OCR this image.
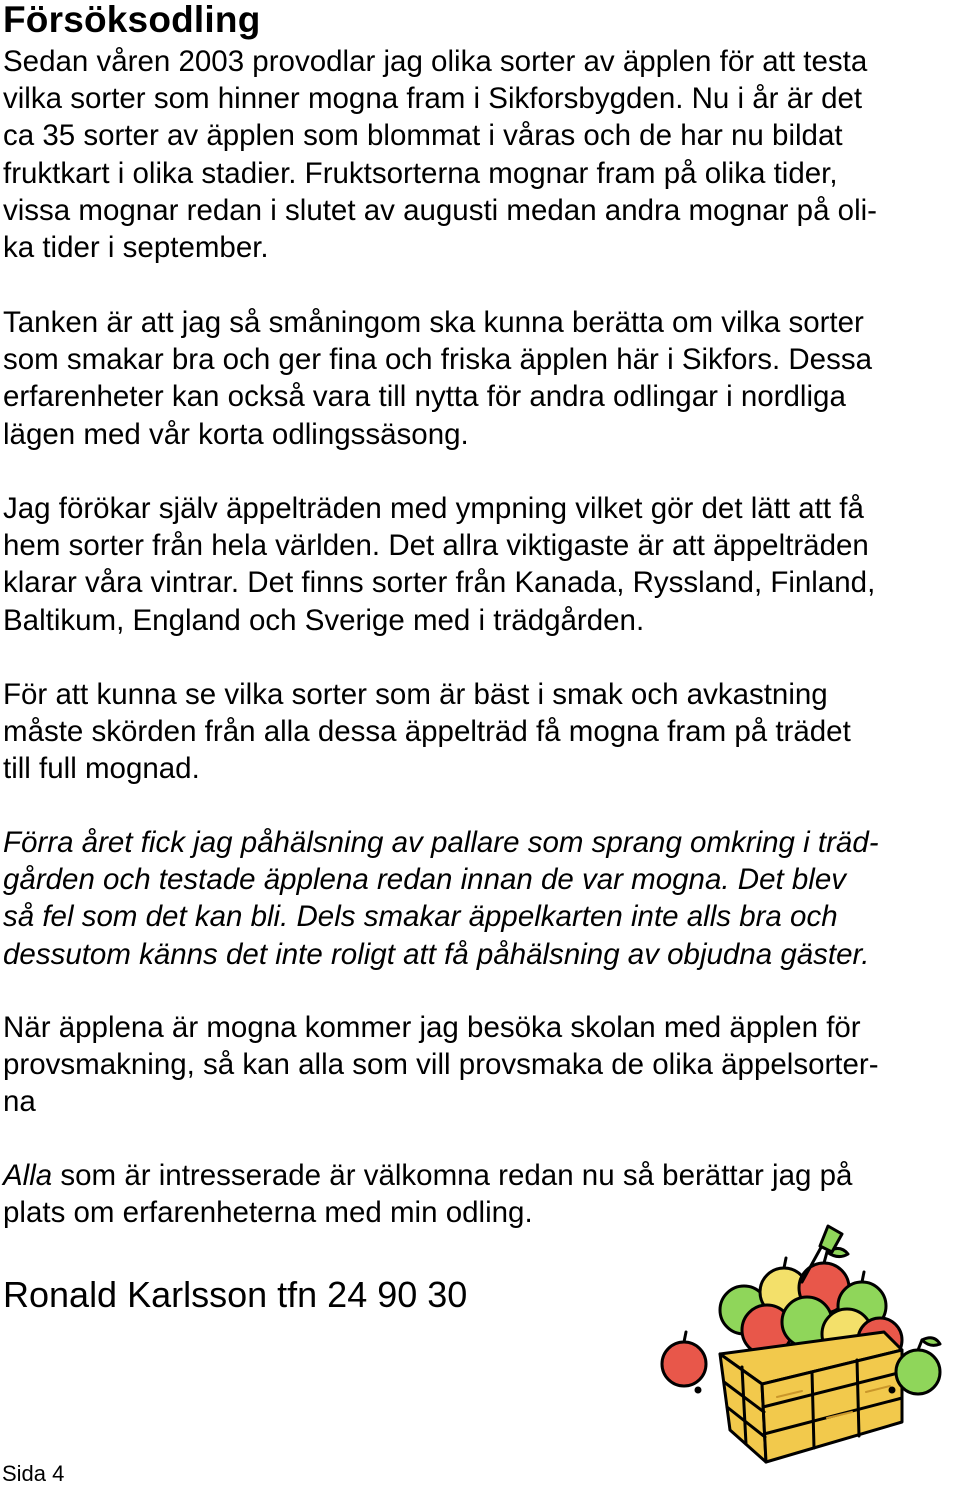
Försöksodling

Sedan våren 2003 provodlar jag olika sorter av äpplen för att testa
vilka sorter som hinner mogna fram i Sikforsbygden. Nu i år är det
ca 35 sorter av äpplen som blommat i våras och de har nu bildat
fruktkart i olika stadier. Fruktsorterna mognar fram på olika tider,
vissa mognar redan i slutet av augusti medan andra mognar på oli-
ka tider i september.

Tanken är att jag så småningom ska kunna berätta om vilka sorter
som smakar bra och ger fina och friska äpplen här i Sikfors. Dessa
erfarenheter kan också vara till nytta för andra odlingar i nordliga
lägen med vår korta odlingssäsong.

Jag förökar själv äppelträden med ympning vilket gör det lätt att få
hem sorter från hela världen. Det allra viktigaste är att äppelträden
klarar våra vintrar. Det finns sorter från Kanada, Ryssland, Finland,
Baltikum, England och Sverige med i trädgården.

För att kunna se vilka sorter som är bäst i smak och avkastning
måste skörden från alla dessa äppelträd få mogna fram på trädet
till full mognad.

Förra året fick jag påhälsning av pallare som sprang omkring i träd-
gården och testade äpplena redan innan de var mogna. Det blev
så fel som det kan bli. Dels smakar äppelkarten inte alls bra och
dessutom känns det inte roligt att få påhälsning av objudna gäster.

När äpplena är mogna kommer jag besöka skolan med äpplen för
provsmakning, så kan alla som vill provsmaka de olika äppelsorter-
na

Alla som är intresserade är välkomna redan nu så berättar jag på
plats om erfarenheterna med min odling.

Ronald Karlsson tfn 24 90 30

Sida 4
